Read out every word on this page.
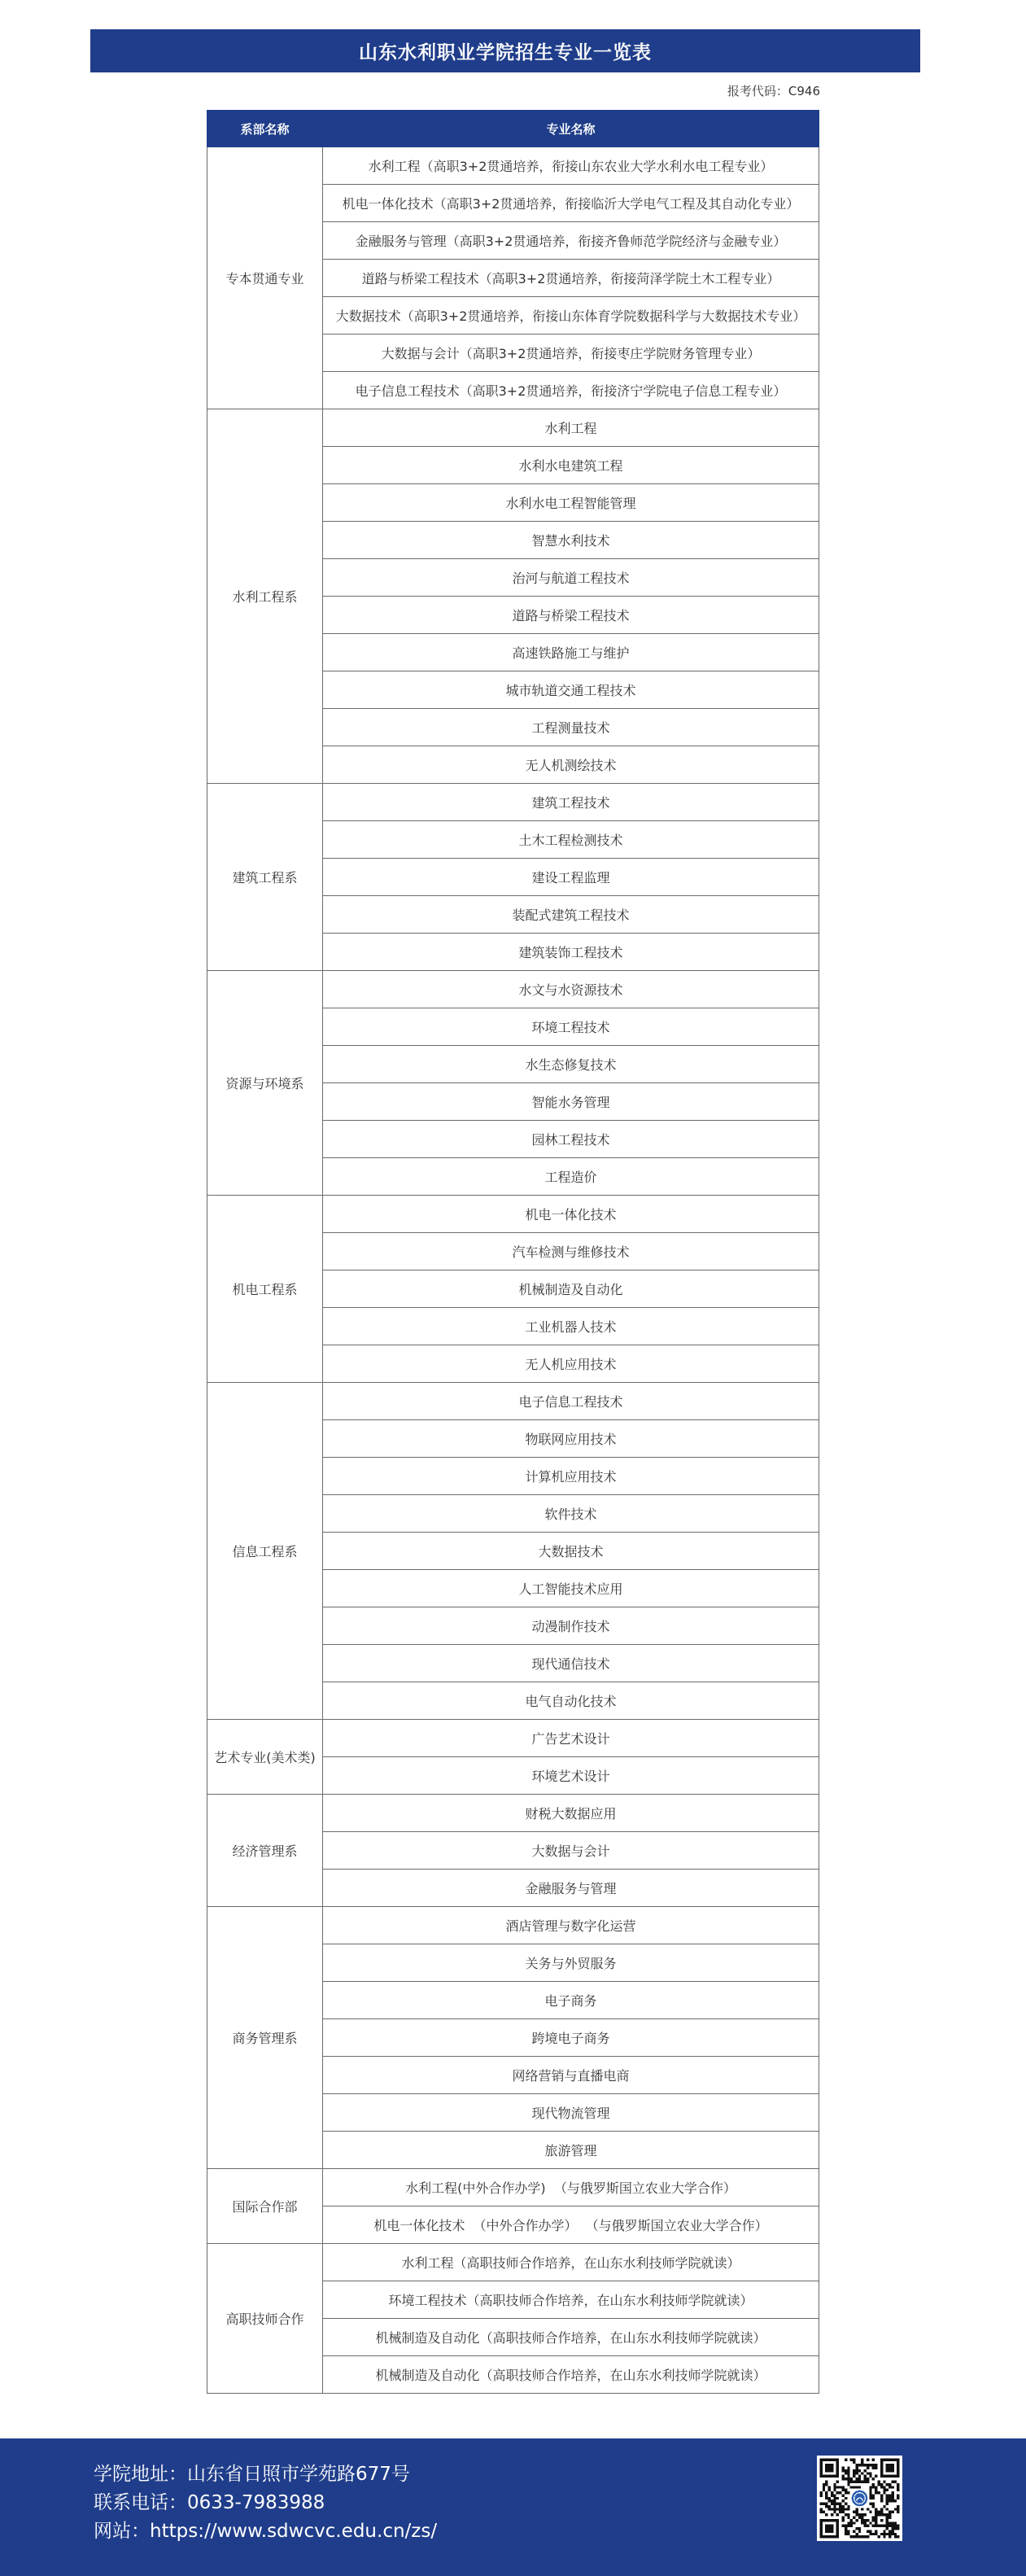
山东水利职业学院招生专业一览表
报考代码：C946
系部名称	专业名称
专本贯通专业	水利工程（高职3+2贯通培养，衔接山东农业大学水利水电工程专业）
	机电一体化技术（高职3+2贯通培养，衔接临沂大学电气工程及其自动化专业）
	金融服务与管理（高职3+2贯通培养，衔接齐鲁师范学院经济与金融专业）
	道路与桥梁工程技术（高职3+2贯通培养，衔接菏泽学院土木工程专业）
	大数据技术（高职3+2贯通培养，衔接山东体育学院数据科学与大数据技术专业）
	大数据与会计（高职3+2贯通培养，衔接枣庄学院财务管理专业）
	电子信息工程技术（高职3+2贯通培养，衔接济宁学院电子信息工程专业）
水利工程系	水利工程
	水利水电建筑工程
	水利水电工程智能管理
	智慧水利技术
	治河与航道工程技术
	道路与桥梁工程技术
	高速铁路施工与维护
	城市轨道交通工程技术
	工程测量技术
	无人机测绘技术
建筑工程系	建筑工程技术
	土木工程检测技术
	建设工程监理
	装配式建筑工程技术
	建筑装饰工程技术
资源与环境系	水文与水资源技术
	环境工程技术
	水生态修复技术
	智能水务管理
	园林工程技术
	工程造价
机电工程系	机电一体化技术
	汽车检测与维修技术
	机械制造及自动化
	工业机器人技术
	无人机应用技术
信息工程系	电子信息工程技术
	物联网应用技术
	计算机应用技术
	软件技术
	大数据技术
	人工智能技术应用
	动漫制作技术
	现代通信技术
	电气自动化技术
艺术专业(美术类)	广告艺术设计
	环境艺术设计
经济管理系	财税大数据应用
	大数据与会计
	金融服务与管理
商务管理系	酒店管理与数字化运营
	关务与外贸服务
	电子商务
	跨境电子商务
	网络营销与直播电商
	现代物流管理
	旅游管理
国际合作部	水利工程(中外合作办学)  （与俄罗斯国立农业大学合作）
	机电一体化技术  （中外合作办学）  （与俄罗斯国立农业大学合作）
高职技师合作	水利工程（高职技师合作培养，在山东水利技师学院就读）
	环境工程技术（高职技师合作培养，在山东水利技师学院就读）
	机械制造及自动化（高职技师合作培养，在山东水利技师学院就读）
	机械制造及自动化（高职技师合作培养，在山东水利技师学院就读）
学院地址：山东省日照市学苑路677号
联系电话：0633-7983988
网站：https://www.sdwcvc.edu.cn/zs/
